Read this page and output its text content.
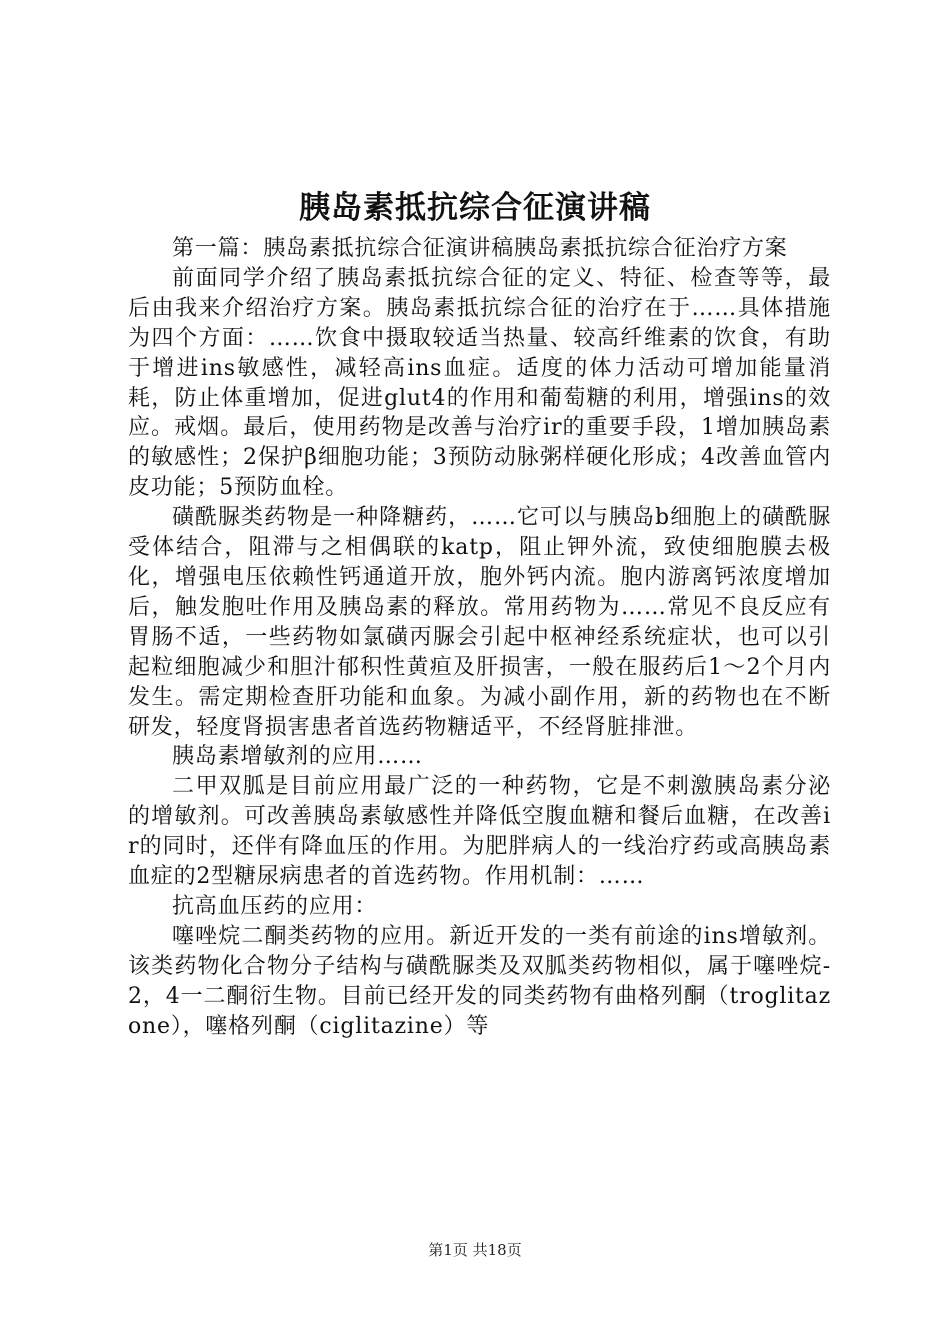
胰岛素抵抗综合征演讲稿

第一篇：胰岛素抵抗综合征演讲稿胰岛素抵抗综合征治疗方案

前面同学介绍了胰岛素抵抗综合征的定义、特征、检查等等，最后由我来介绍治疗方案。胰岛素抵抗综合征的治疗在于……具体措施为四个方面：……饮食中摄取较适当热量、较高纤维素的饮食，有助于增进ins敏感性，减轻高ins血症。适度的体力活动可增加能量消耗，防止体重增加，促进glut4的作用和葡萄糖的利用，增强ins的效应。戒烟。最后，使用药物是改善与治疗ir的重要手段，1增加胰岛素的敏感性；2保护β细胞功能；3预防动脉粥样硬化形成；4改善血管内皮功能；5预防血栓。

磺酰脲类药物是一种降糖药，……它可以与胰岛b细胞上的磺酰脲受体结合，阻滞与之相偶联的katp，阻止钾外流，致使细胞膜去极化，增强电压依赖性钙通道开放，胞外钙内流。胞内游离钙浓度增加后，触发胞吐作用及胰岛素的释放。常用药物为……常见不良反应有胃肠不适，一些药物如氯磺丙脲会引起中枢神经系统症状，也可以引起粒细胞减少和胆汁郁积性黄疸及肝损害，一般在服药后1～2个月内发生。需定期检查肝功能和血象。为减小副作用，新的药物也在不断研发，轻度肾损害患者首选药物糖适平，不经肾脏排泄。

胰岛素增敏剂的应用……

二甲双胍是目前应用最广泛的一种药物，它是不刺激胰岛素分泌的增敏剂。可改善胰岛素敏感性并降低空腹血糖和餐后血糖，在改善ir的同时，还伴有降血压的作用。为肥胖病人的一线治疗药或高胰岛素血症的2型糖尿病患者的首选药物。作用机制：……

抗高血压药的应用：

噻唑烷二酮类药物的应用。新近开发的一类有前途的ins增敏剂。该类药物化合物分子结构与磺酰脲类及双胍类药物相似，属于噻唑烷-2，4一二酮衍生物。目前已经开发的同类药物有曲格列酮（troglitazone），噻格列酮（ciglitazine）等

第1页 共18页
